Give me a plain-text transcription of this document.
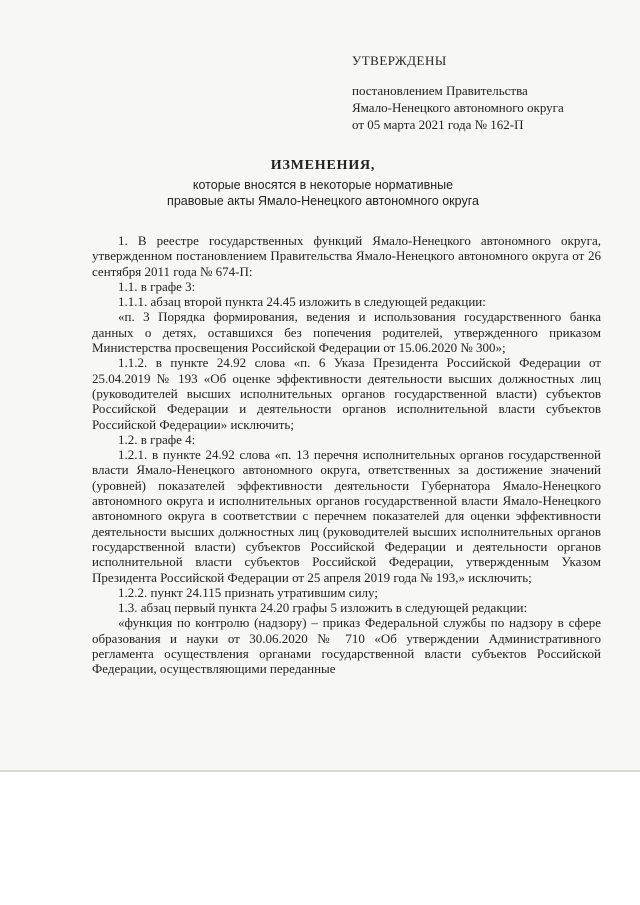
УТВЕРЖДЕНЫ
постановлением Правительства
Ямало-Ненецкого автономного округа
от 05 марта 2021 года № 162-П
ИЗМЕНЕНИЯ,
которые вносятся в некоторые нормативные
правовые акты Ямало-Ненецкого автономного округа

1. В реестре государственных функций Ямало-Ненецкого автономного округа, утвержденном постановлением Правительства Ямало-Ненецкого автономного округа от 26 сентября 2011 года № 674-П:

1.1. в графе 3:

1.1.1. абзац второй пункта 24.45 изложить в следующей редакции:

«п. 3 Порядка формирования, ведения и использования государственного банка данных о детях, оставшихся без попечения родителей, утвержденного приказом Министерства просвещения Российской Федерации от 15.06.2020 № 300»;

1.1.2. в пункте 24.92 слова «п. 6 Указа Президента Российской Федерации от 25.04.2019 № 193 «Об оценке эффективности деятельности высших должностных лиц (руководителей высших исполнительных органов государственной власти) субъектов Российской Федерации и деятельности органов исполнительной власти субъектов Российской Федерации» исключить;

1.2. в графе 4:

1.2.1. в пункте 24.92 слова «п. 13 перечня исполнительных органов государственной власти Ямало-Ненецкого автономного округа, ответственных за достижение значений (уровней) показателей эффективности деятельности Губернатора Ямало-Ненецкого автономного округа и исполнительных органов государственной власти Ямало-Ненецкого автономного округа в соответствии с перечнем показателей для оценки эффективности деятельности высших должностных лиц (руководителей высших исполнительных органов государственной власти) субъектов Российской Федерации и деятельности органов исполнительной власти субъектов Российской Федерации, утвержденным Указом Президента Российской Федерации от 25 апреля 2019 года № 193,» исключить;

1.2.2. пункт 24.115 признать утратившим силу;

1.3. абзац первый пункта 24.20 графы 5 изложить в следующей редакции:

«функция по контролю (надзору) – приказ Федеральной службы по надзору в сфере образования и науки от 30.06.2020 № 710 «Об утверждении Административного регламента осуществления органами государственной власти субъектов Российской Федерации, осуществляющими переданные
